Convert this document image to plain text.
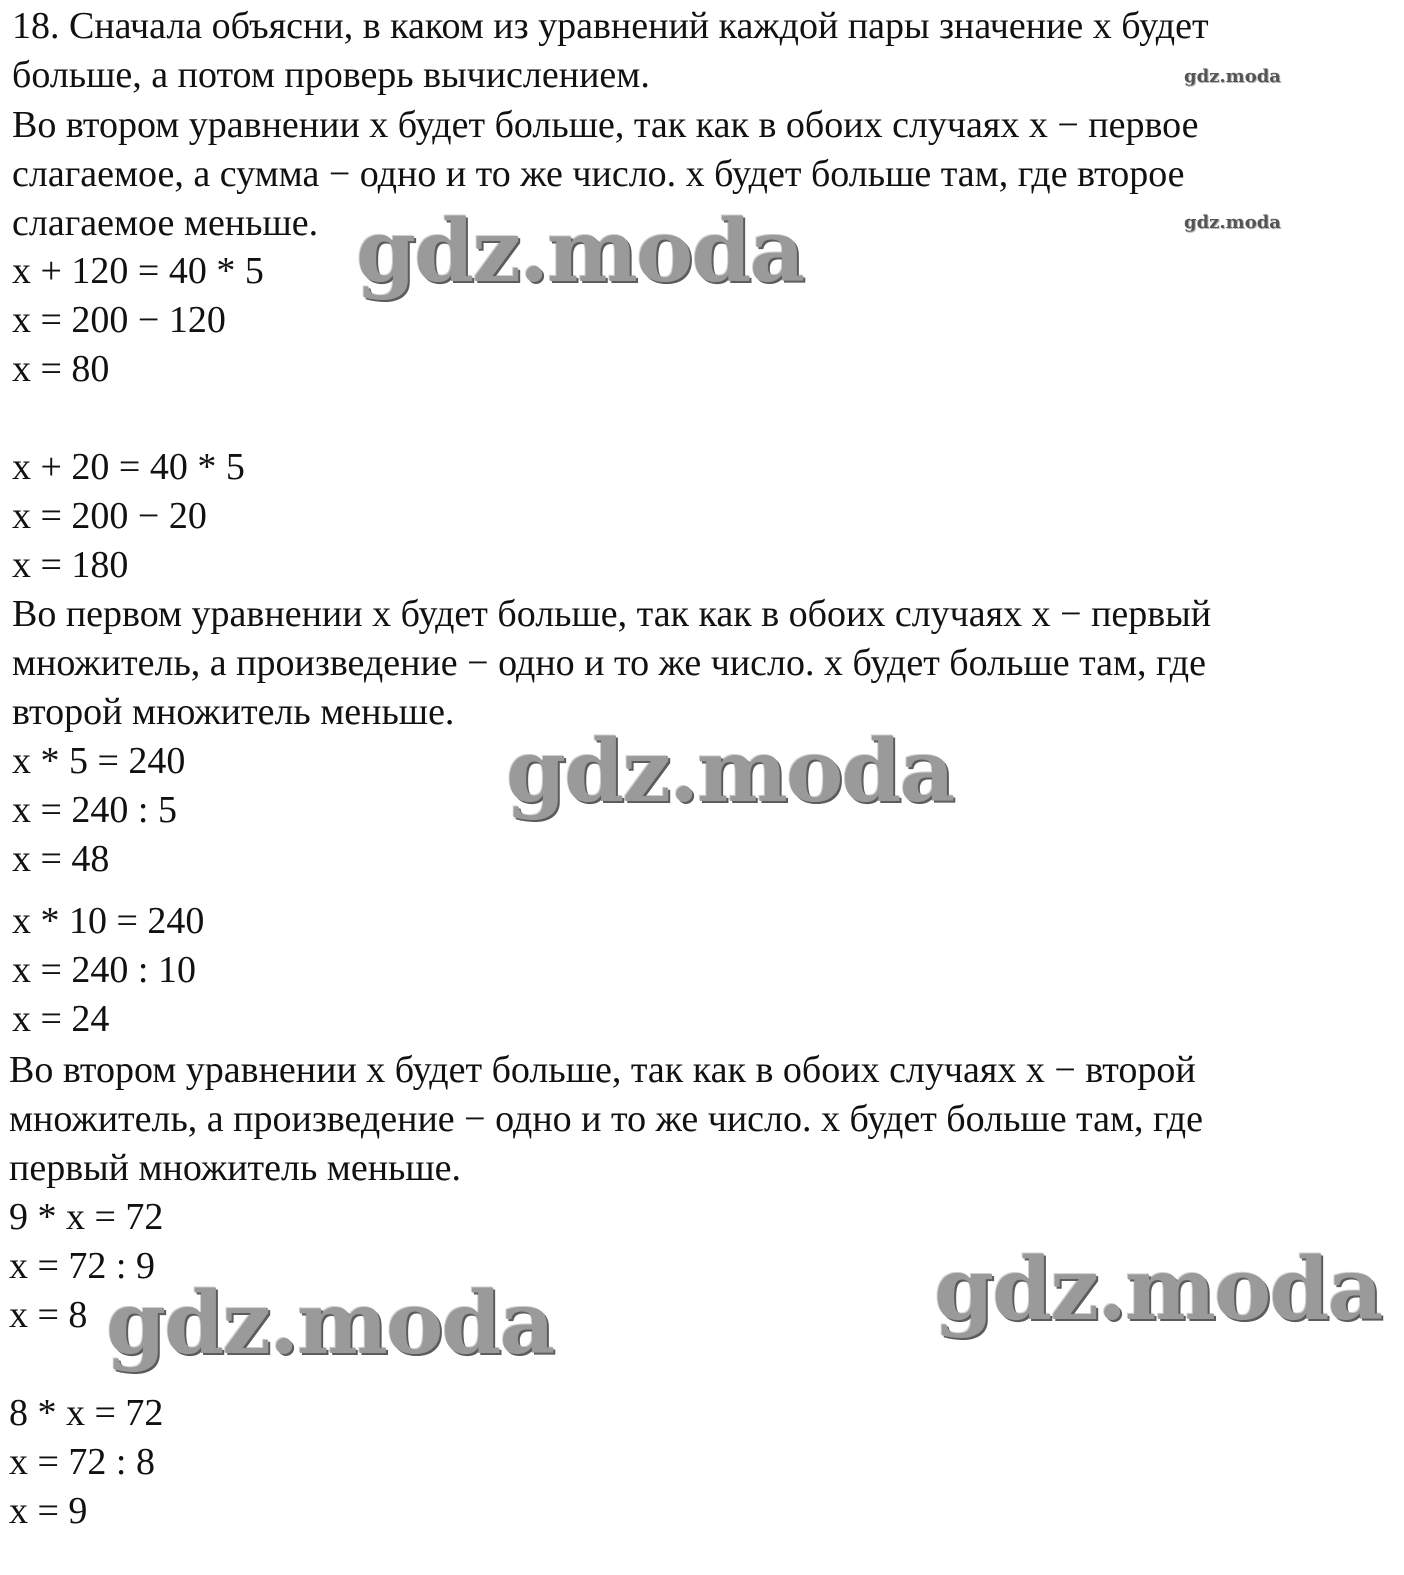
18. Сначала объясни, в каком из уравнений каждой пары значение х будет
больше, а потом проверь вычислением.
Во втором уравнении х будет больше, так как в обоих случаях х − первое
слагаемое, а сумма − одно и то же число. х будет больше там, где второе
слагаемое меньше.
х + 120 = 40 * 5
х = 200 − 120
х = 80
х + 20 = 40 * 5
х = 200 − 20
х = 180
Во первом уравнении х будет больше, так как в обоих случаях х − первый
множитель, а произведение − одно и то же число. х будет больше там, где
второй множитель меньше.
х * 5 = 240
х = 240 : 5
х = 48
х * 10 = 240
х = 240 : 10
х = 24
Во втором уравнении х будет больше, так как в обоих случаях х − второй
множитель, а произведение − одно и то же число. х будет больше там, где
первый множитель меньше.
9 * х = 72
х = 72 : 9
х = 8
8 * х = 72
х = 72 : 8
х = 9
gdz.moda
gdz.moda
gdz.moda
gdz.moda
gdz.moda
gdz.moda
